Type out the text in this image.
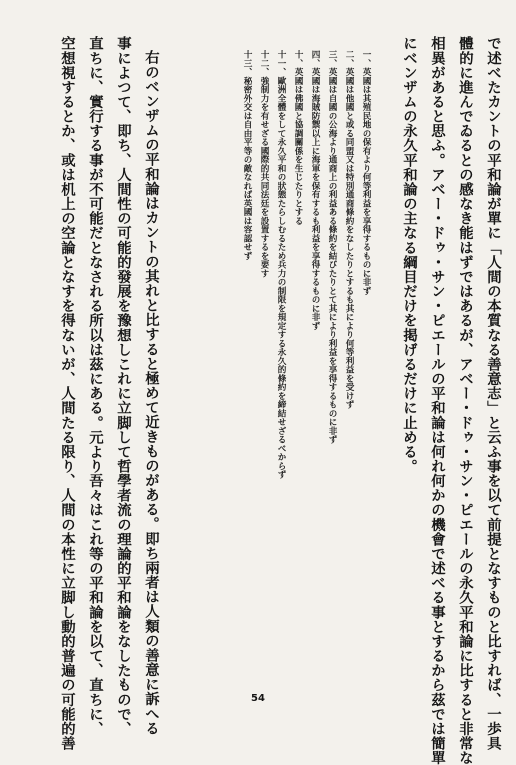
で述べたカントの平和論が單に「人間の本質なる善意志」と云ふ事を以て前提となすものと比すれば、一歩具
體的に進んでゐるとの感なき能はずではあるが、アベー・ドゥ・サン・ピエールの永久平和論に比すると非常な
相異があると思ふ。アベー・ドゥ・サン・ピエールの平和論は何れ何かの機會で述べる事とするから茲では簡單
にベンザムの永久平和論の主なる綱目だけを掲げるだけに止める。
一、英國は其殖民地の保有より何等利益を享得するものに非ず
二、英國は他國と或る同盟又は特別通商條約をなしたりとするも其により何等利益を受けず
三、英國は自國の公海より通商上の利益ある條約を結びたりとて其により利益を享得するものに非ず
四、英國は海賊防禦以上に海軍を保有するも利益を享得するものに非ず
十、英國は佛國と協調關係を生じたりとする
十一、歐洲全體をして永久平和の狀態たらしむるため兵力の制限を規定する永久的條約を締結せざるべからず
十二、強制力を有せざる國際的共同法廷を設置するを要す
十三、秘密外交は自由平等の敵なれば英國は容認せず
右のベンザムの平和論はカントの其れと比すると極めて近きものがある。即ち兩者は人類の善意に訴へる
事によつて、即ち、人間性の可能的發展を豫想しこれに立脚して哲學者流の理論的平和論をなしたもので、
直ちに、實行する事が不可能だとなされる所以は茲にある。元より吾々はこれ等の平和論を以て、直ちに、
空想視するとか、或は机上の空論となすを得ないが、人間たる限り、人間の本性に立脚し動的普遍の可能的善	54
